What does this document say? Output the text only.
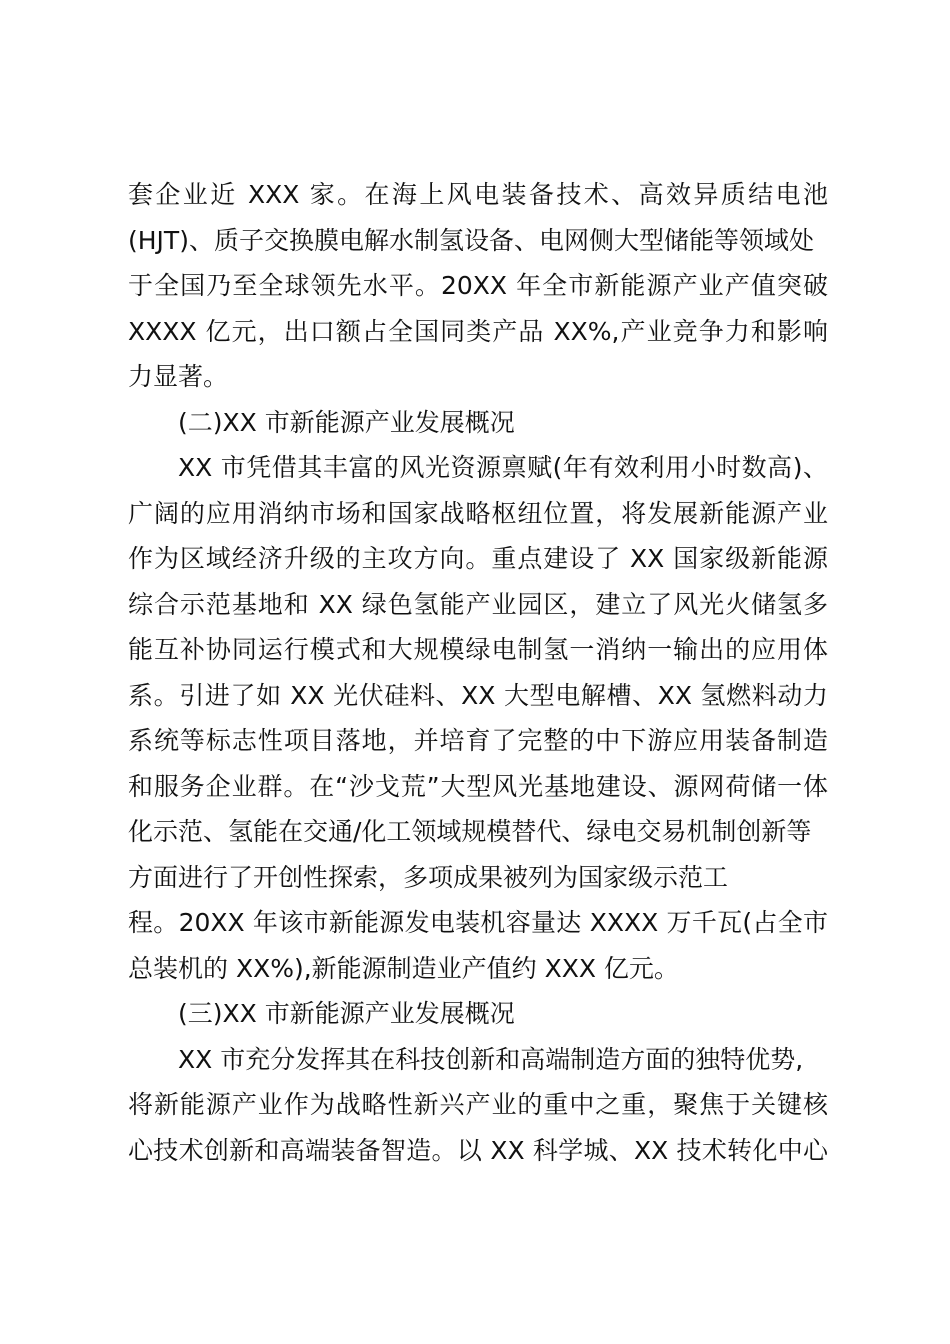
套企业近 XXX 家。在海上风电装备技术、高效异质结电池
(HJT)、质子交换膜电解水制氢设备、电网侧大型储能等领域处
于全国乃至全球领先水平。20XX 年全市新能源产业产值突破
XXXX 亿元，出口额占全国同类产品 XX%,产业竞争力和影响
力显著。
(二)XX 市新能源产业发展概况
XX 市凭借其丰富的风光资源禀赋(年有效利用小时数高)、
广阔的应用消纳市场和国家战略枢纽位置，将发展新能源产业
作为区域经济升级的主攻方向。重点建设了 XX 国家级新能源
综合示范基地和 XX 绿色氢能产业园区，建立了风光火储氢多
能互补协同运行模式和大规模绿电制氢一消纳一输出的应用体
系。引进了如 XX 光伏硅料、XX 大型电解槽、XX 氢燃料动力
系统等标志性项目落地，并培育了完整的中下游应用装备制造
和服务企业群。在“沙戈荒”大型风光基地建设、源网荷储一体
化示范、氢能在交通/化工领域规模替代、绿电交易机制创新等
方面进行了开创性探索，多项成果被列为国家级示范工
程。20XX 年该市新能源发电装机容量达 XXXX 万千瓦(占全市
总装机的 XX%),新能源制造业产值约 XXX 亿元。
(三)XX 市新能源产业发展概况
XX 市充分发挥其在科技创新和高端制造方面的独特优势,
将新能源产业作为战略性新兴产业的重中之重，聚焦于关键核
心技术创新和高端装备智造。以 XX 科学城、XX 技术转化中心
